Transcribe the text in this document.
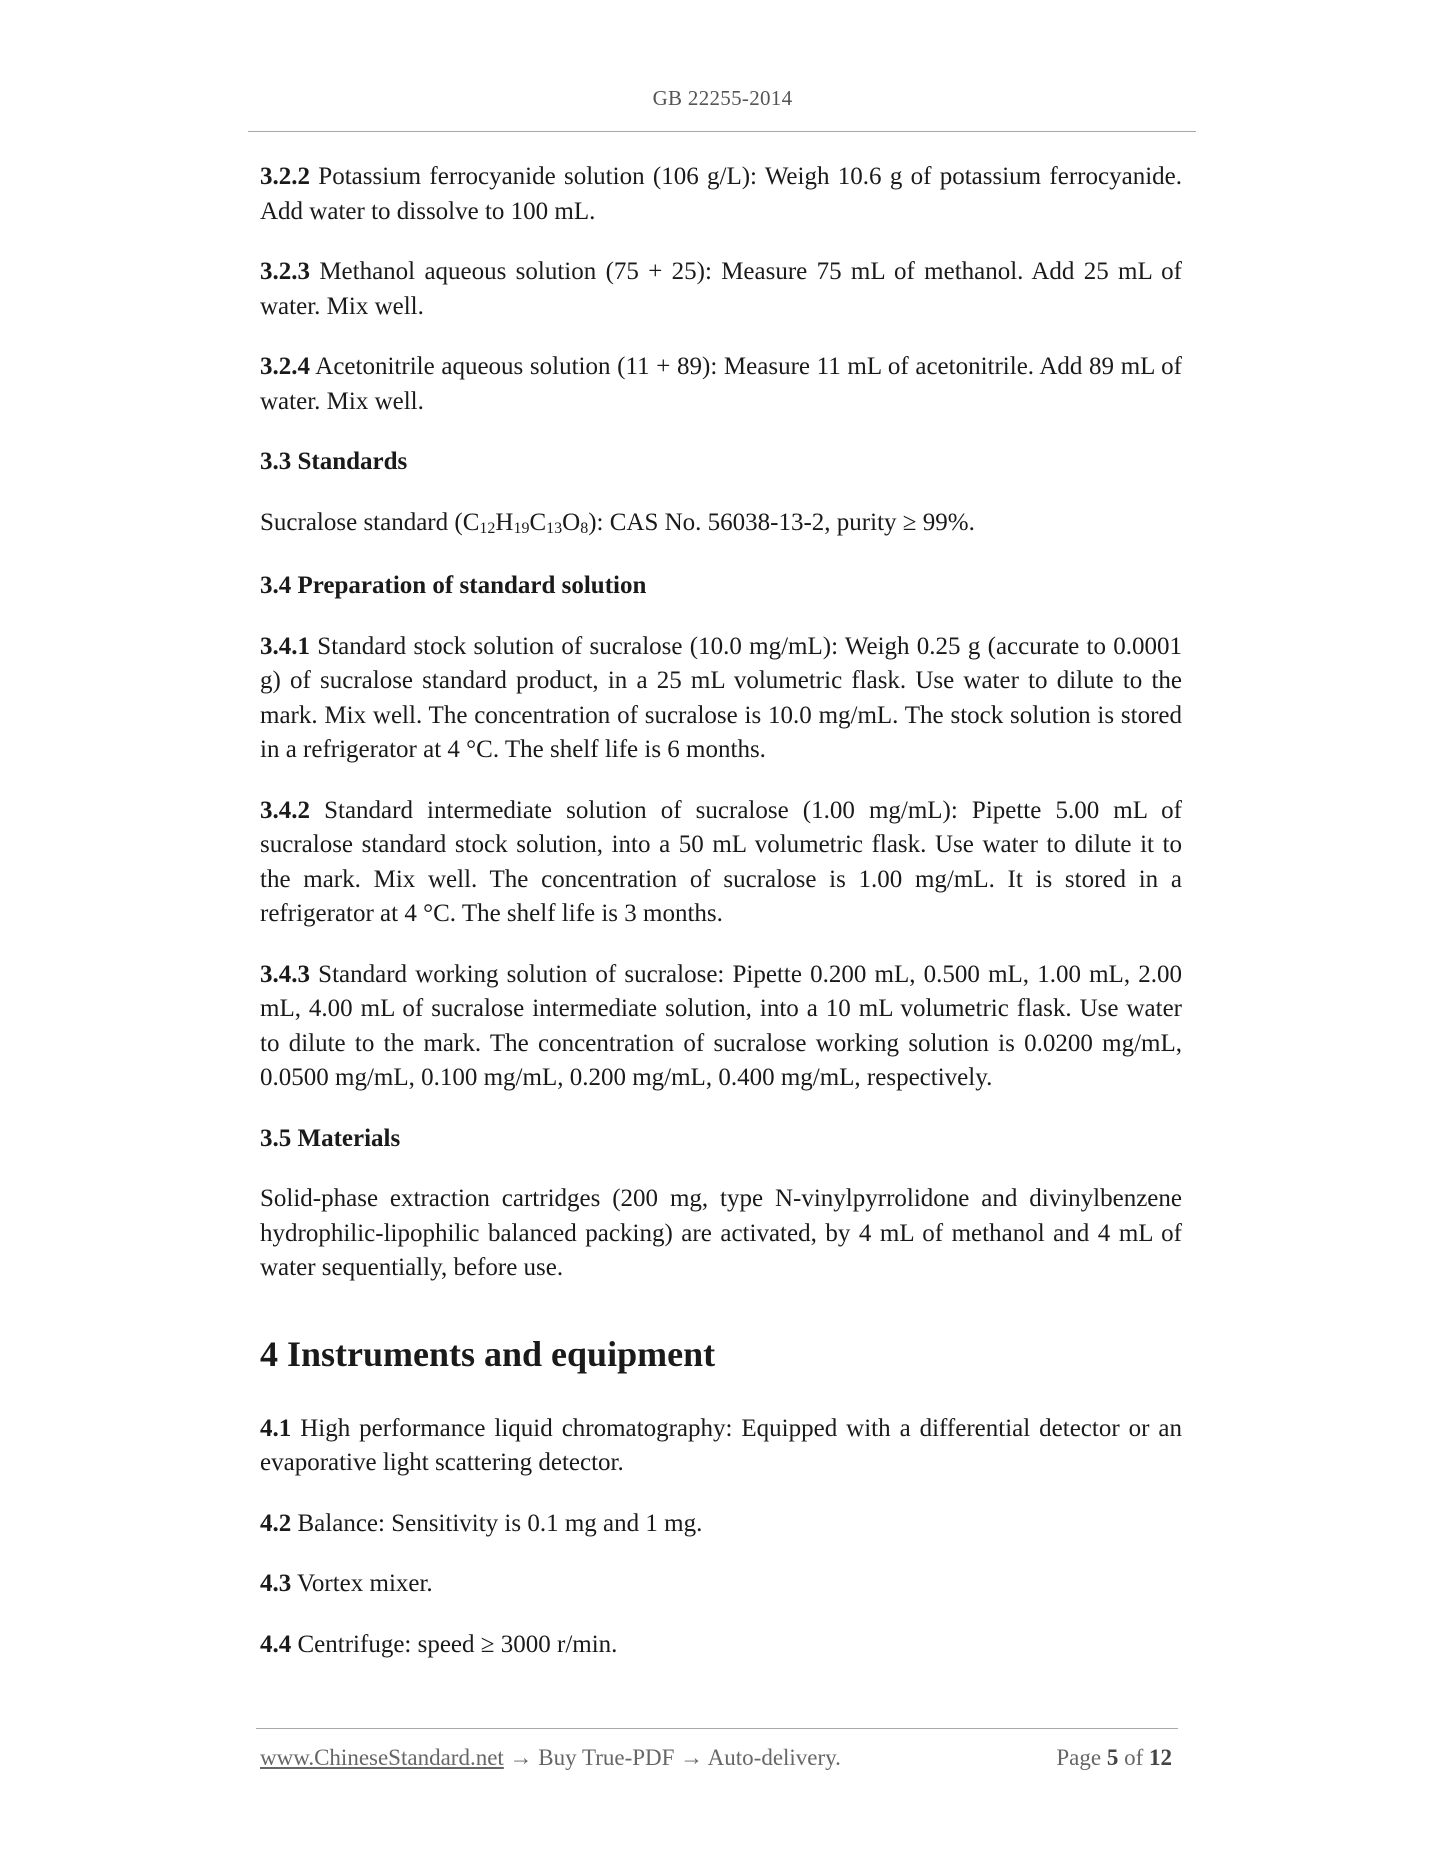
GB 22255-2014

3.2.2 Potassium ferrocyanide solution (106 g/L): Weigh 10.6 g of potassium ferrocyanide. Add water to dissolve to 100 mL.

3.2.3 Methanol aqueous solution (75 + 25): Measure 75 mL of methanol. Add 25 mL of water. Mix well.

3.2.4 Acetonitrile aqueous solution (11 + 89): Measure 11 mL of acetonitrile. Add 89 mL of water. Mix well.

3.3 Standards

Sucralose standard $(C_{12}H_{19}C_{13}O_8)$: CAS No. 56038-13-2, purity ≥ 99%.

3.4 Preparation of standard solution

3.4.1 Standard stock solution of sucralose (10.0 mg/mL): Weigh 0.25 g (accurate to 0.0001 g) of sucralose standard product, in a 25 mL volumetric flask. Use water to dilute to the mark. Mix well. The concentration of sucralose is 10.0 mg/mL. The stock solution is stored in a refrigerator at 4 °C. The shelf life is 6 months.

3.4.2 Standard intermediate solution of sucralose (1.00 mg/mL): Pipette 5.00 mL of sucralose standard stock solution, into a 50 mL volumetric flask. Use water to dilute it to the mark. Mix well. The concentration of sucralose is 1.00 mg/mL. It is stored in a refrigerator at 4 °C. The shelf life is 3 months.

3.4.3 Standard working solution of sucralose: Pipette 0.200 mL, 0.500 mL, 1.00 mL, 2.00 mL, 4.00 mL of sucralose intermediate solution, into a 10 mL volumetric flask. Use water to dilute to the mark. The concentration of sucralose working solution is 0.0200 mg/mL, 0.0500 mg/mL, 0.100 mg/mL, 0.200 mg/mL, 0.400 mg/mL, respectively.

3.5 Materials

Solid-phase extraction cartridges (200 mg, type N-vinylpyrrolidone and divinylbenzene hydrophilic-lipophilic balanced packing) are activated, by 4 mL of methanol and 4 mL of water sequentially, before use.

4 Instruments and equipment

4.1 High performance liquid chromatography: Equipped with a differential detector or an evaporative light scattering detector.

4.2 Balance: Sensitivity is 0.1 mg and 1 mg.

4.3 Vortex mixer.

4.4 Centrifuge: speed ≥ 3000 r/min.

www.ChineseStandard.net → Buy True-PDF → Auto-delivery.	Page 5 of 12
